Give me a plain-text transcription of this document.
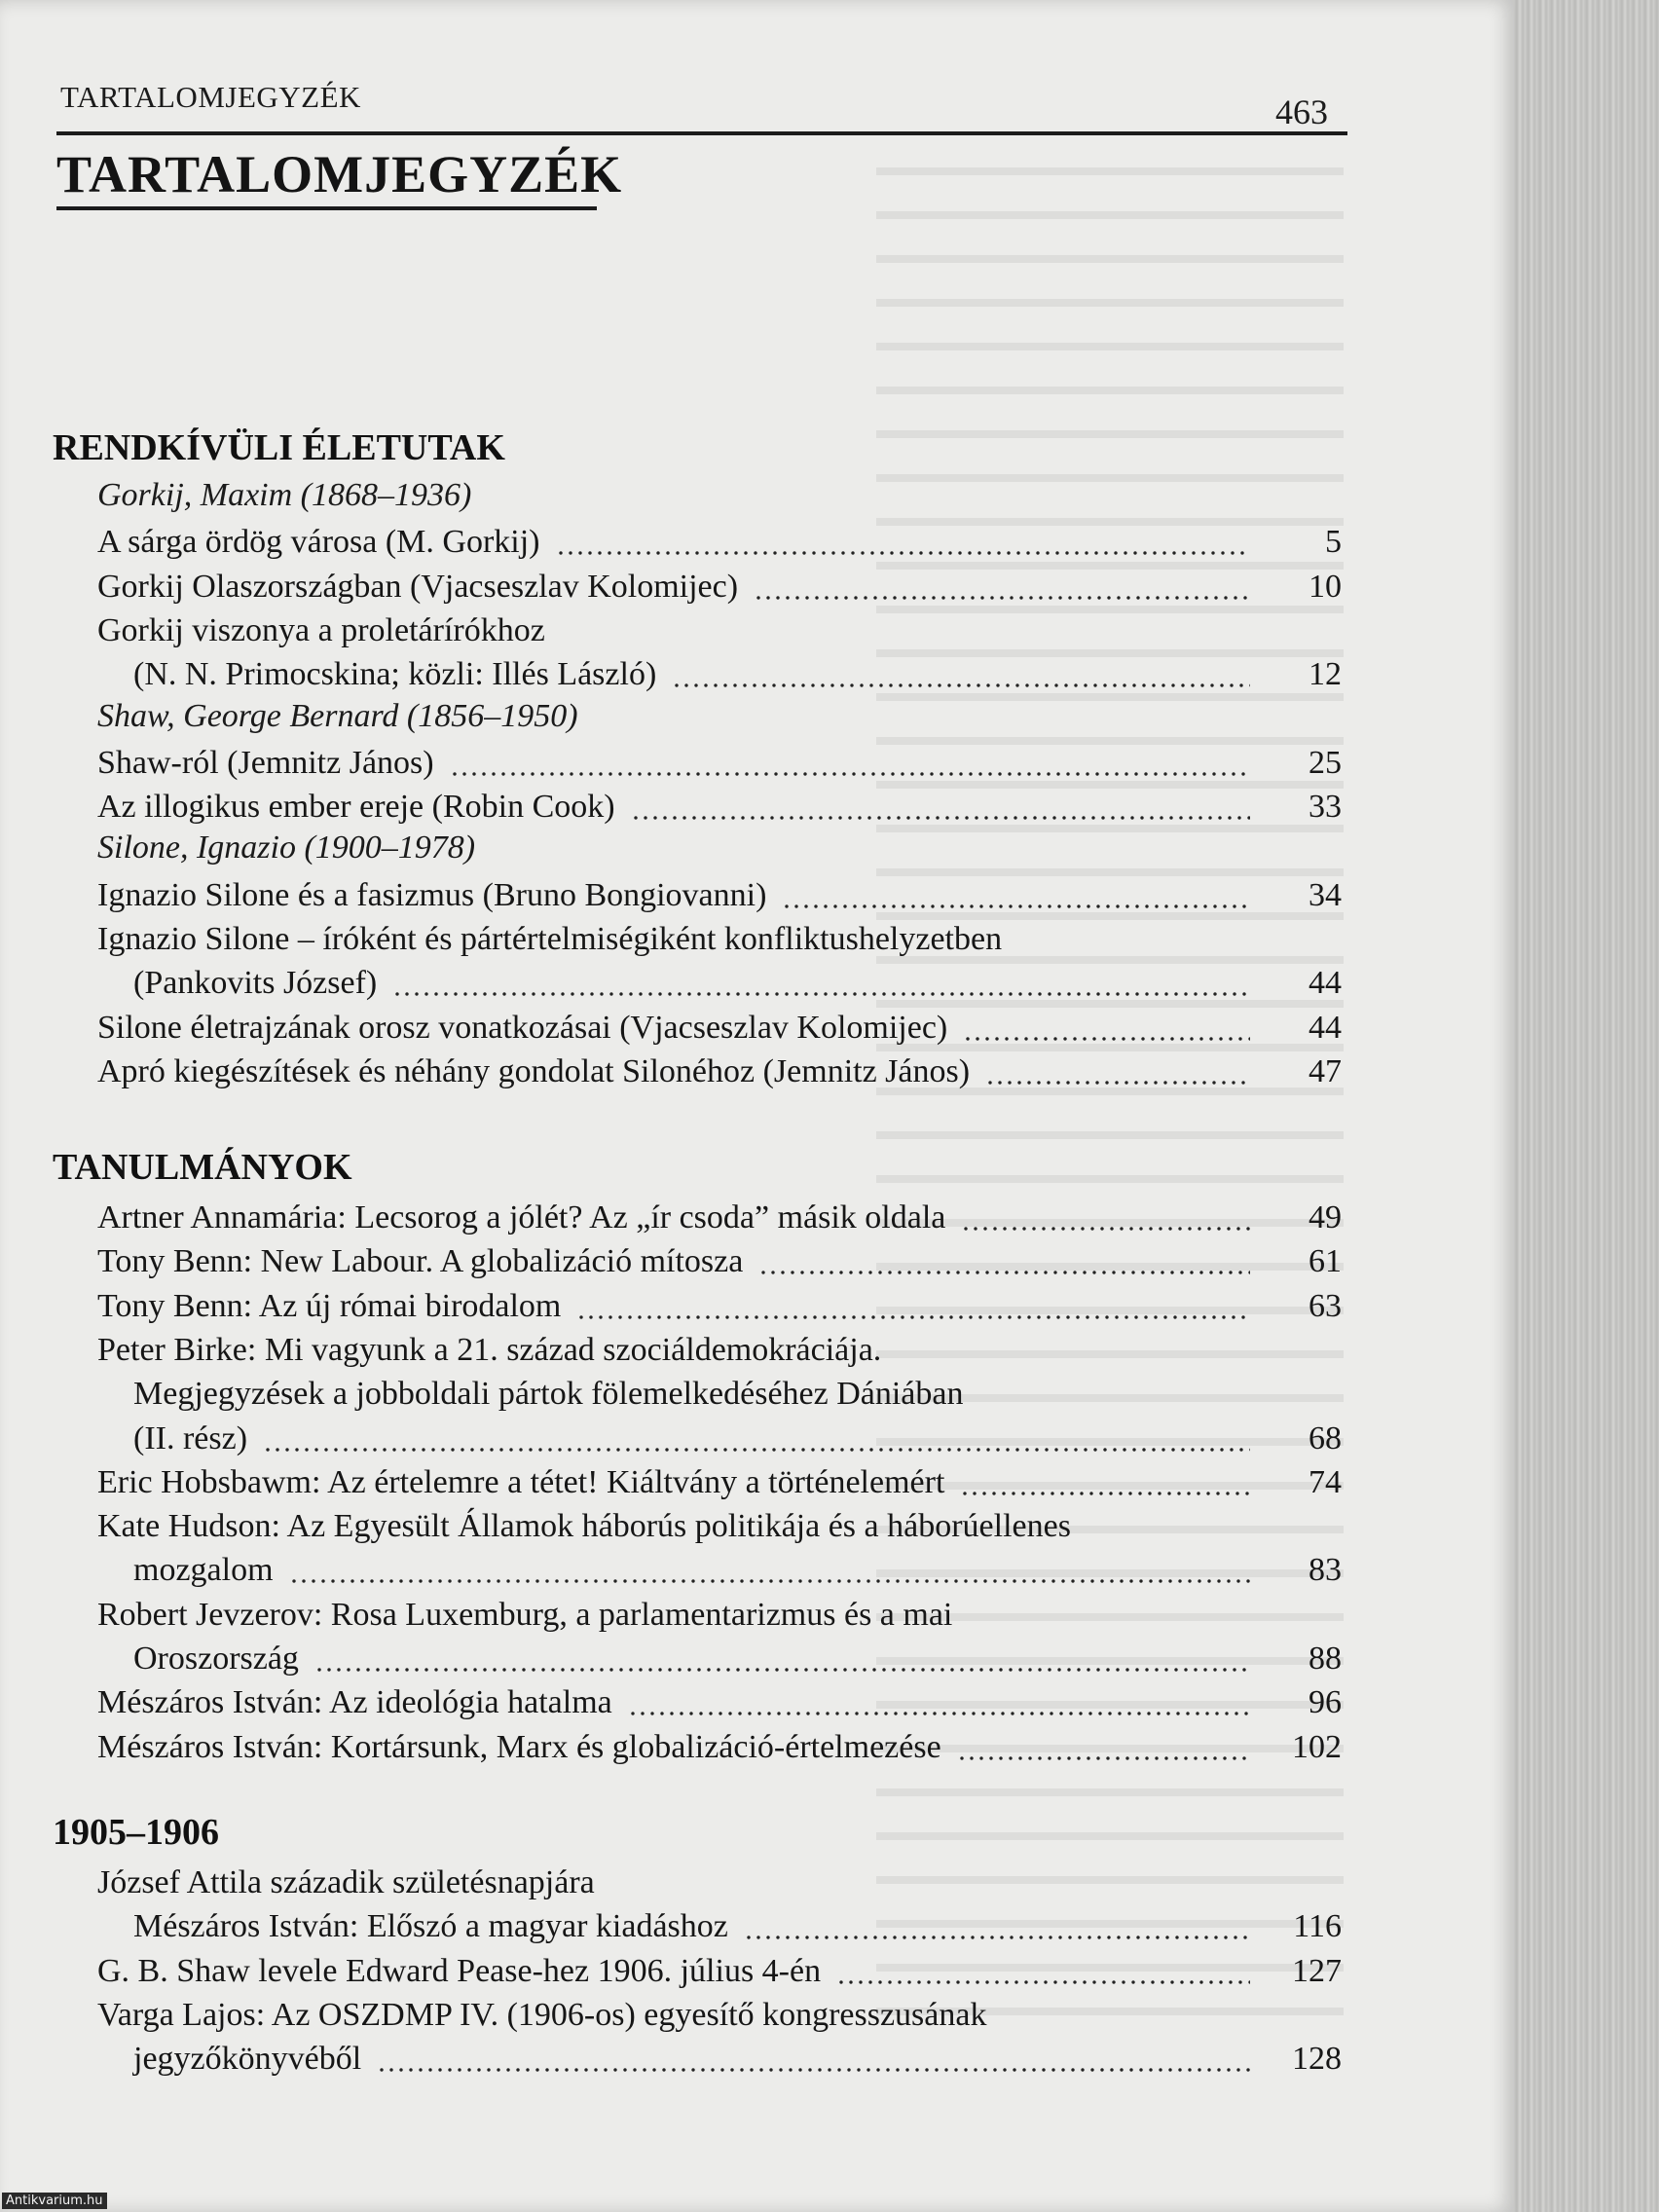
TARTALOMJEGYZÉK	463
TARTALOMJEGYZÉK
RENDKÍVÜLI ÉLETUTAK
Gorkij, Maxim (1868–1936)
A sárga ördög városa (M. Gorkij)	5
Gorkij Olaszországban (Vjacseszlav Kolomijec)	10
Gorkij viszonya a proletárírókhoz
(N. N. Primocskina; közli: Illés László)	12
Shaw, George Bernard (1856–1950)
Shaw-ról (Jemnitz János)	25
Az illogikus ember ereje (Robin Cook)	33
Silone, Ignazio (1900–1978)
Ignazio Silone és a fasizmus (Bruno Bongiovanni)	34
Ignazio Silone – íróként és pártértelmiségiként konfliktushelyzetben
(Pankovits József)	44
Silone életrajzának orosz vonatkozásai (Vjacseszlav Kolomijec)	44
Apró kiegészítések és néhány gondolat Silonéhoz (Jemnitz János)	47
TANULMÁNYOK
Artner Annamária: Lecsorog a jólét? Az „ír csoda” másik oldala	49
Tony Benn: New Labour. A globalizáció mítosza	61
Tony Benn: Az új római birodalom	63
Peter Birke: Mi vagyunk a 21. század szociáldemokráciája.
Megjegyzések a jobboldali pártok fölemelkedéséhez Dániában
(II. rész)	68
Eric Hobsbawm: Az értelemre a tétet! Kiáltvány a történelemért	74
Kate Hudson: Az Egyesült Államok háborús politikája és a háborúellenes
mozgalom	83
Robert Jevzerov: Rosa Luxemburg, a parlamentarizmus és a mai
Oroszország	88
Mészáros István: Az ideológia hatalma	96
Mészáros István: Kortársunk, Marx és globalizáció-értelmezése	102
1905–1906
József Attila századik születésnapjára
Mészáros István: Előszó a magyar kiadáshoz	116
G. B. Shaw levele Edward Pease-hez 1906. július 4-én	127
Varga Lajos: Az OSZDMP IV. (1906-os) egyesítő kongresszusának
jegyzőkönyvéből	128
Antikvarium.hu
